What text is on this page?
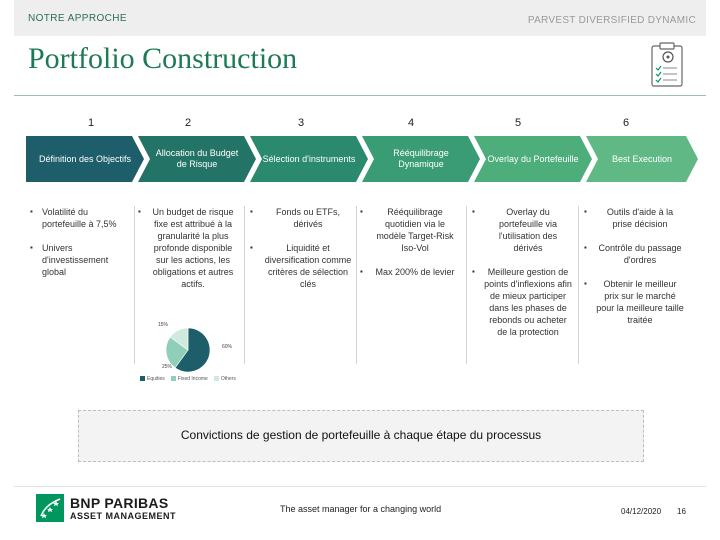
NOTRE APPROCHE	PARVEST DIVERSIFIED DYNAMIC
Portfolio Construction
1	2	3	4	5	6
Définition des Objectifs
Allocation du Budget de Risque
Sélection d'instruments
Rééquilibrage Dynamique
Overlay du Portefeuille	Best Execution
▪ Volatilité du portefeuille à 7,5%
▪ Univers d'investissement global
▪ Un budget de risque fixe est attribué à la granularité la plus profonde disponible sur les actions, les obligations et autres actifs.
▪ Fonds ou ETFs, dérivés
▪ Liquidité et diversification comme critères de sélection clés
▪ Rééquilibrage quotidien via le modèle Target-Risk Iso-Vol
▪ Max 200% de levier
▪ Overlay du portefeuille via l'utilisation des dérivés
▪ Meilleure gestion de points d'inflexions afin de mieux participer dans les phases de rebonds ou acheter de la protection
▪ Outils d'aide à la prise décision
▪ Contrôle du passage d'ordres
▪ Obtenir le meilleur prix sur le marché pour la meilleure taille traitée
60%
25%
15%
Equities	Fixed Income	Others
Convictions de gestion de portefeuille à chaque étape du processus
BNP PARIBAS
ASSET MANAGEMENT
The asset manager for a changing world	04/12/2020 16
